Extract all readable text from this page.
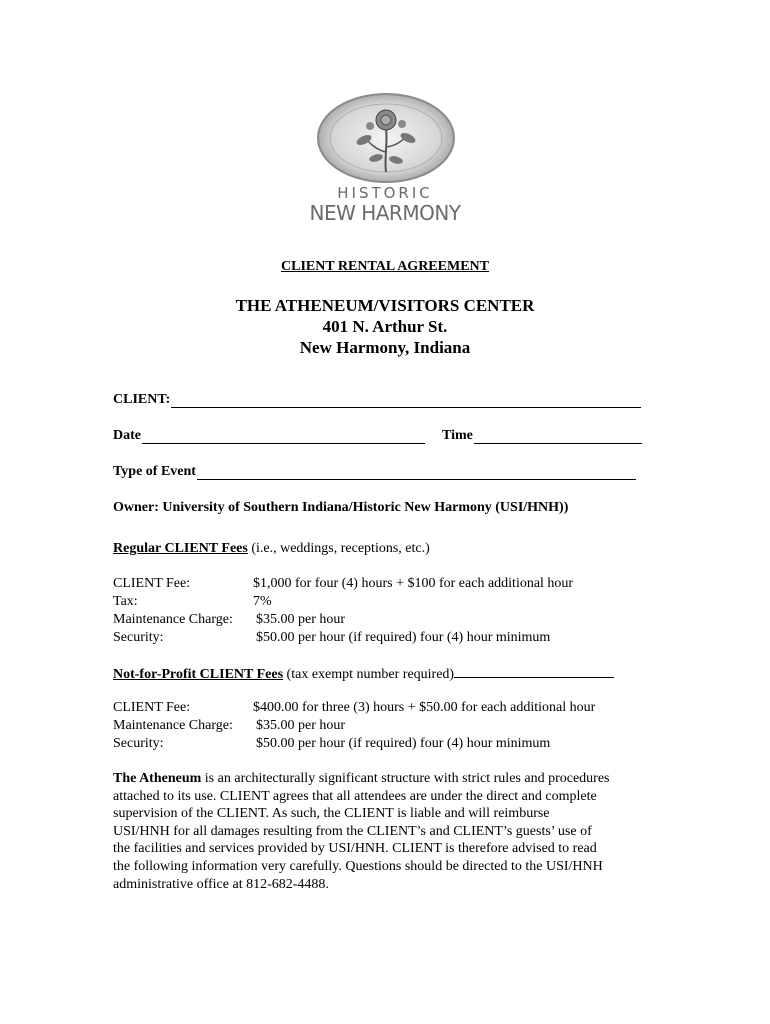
HISTORIC
NEW HARMONY
CLIENT RENTAL AGREEMENT
THE ATHENEUM/VISITORS CENTER
401 N. Arthur St.
New Harmony, Indiana
CLIENT:
Date	Time
Type of Event
Owner: University of Southern Indiana/Historic New Harmony (USI/HNH))
Regular CLIENT Fees (i.e., weddings, receptions, etc.)
CLIENT Fee:	$1,000 for four (4) hours + $100 for each additional hour
Tax:	7%
Maintenance Charge: $35.00 per hour
Security:	$50.00 per hour (if required) four (4) hour minimum
Not-for-Profit CLIENT Fees (tax exempt number required)
CLIENT Fee:	$400.00 for three (3) hours + $50.00 for each additional hour
Maintenance Charge: $35.00 per hour
Security:	$50.00 per hour (if required) four (4) hour minimum
The Atheneum is an architecturally significant structure with strict rules and procedures
attached to its use. CLIENT agrees that all attendees are under the direct and complete
supervision of the CLIENT. As such, the CLIENT is liable and will reimburse
USI/HNH for all damages resulting from the CLIENT’s and CLIENT’s guests’ use of
the facilities and services provided by USI/HNH. CLIENT is therefore advised to read
the following information very carefully. Questions should be directed to the USI/HNH
administrative office at 812-682-4488.
